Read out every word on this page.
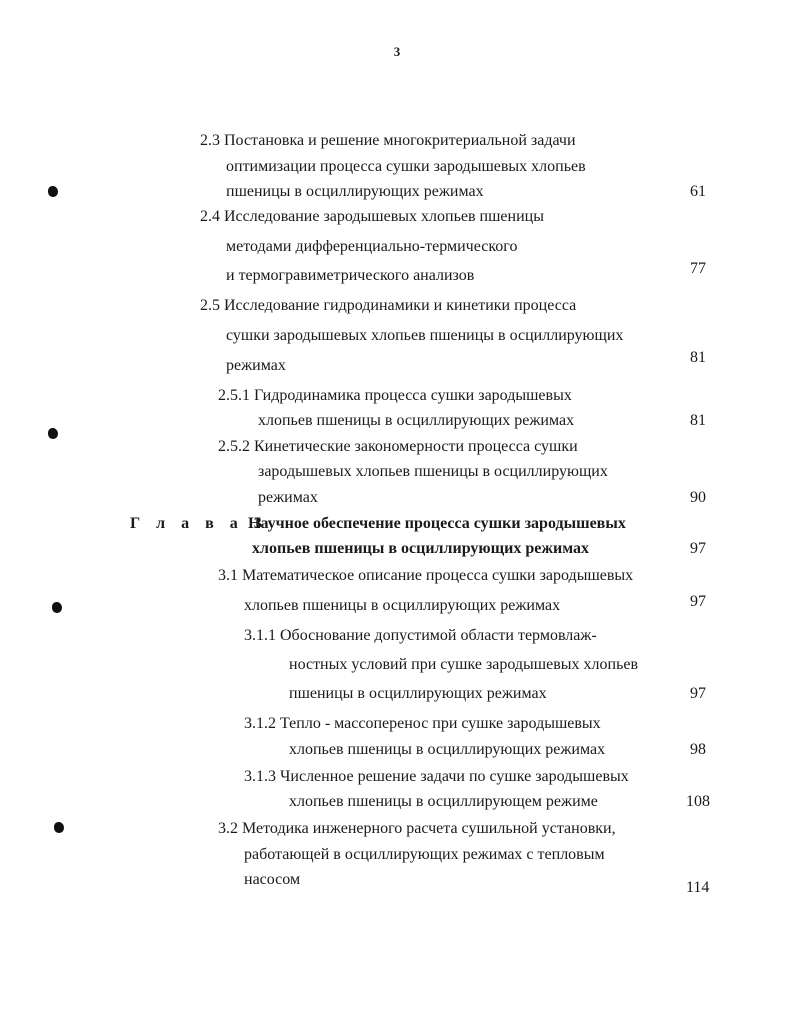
3
2.3 Постановка и решение многокритериальной задачи
оптимизации процесса сушки зародышевых хлопьев
пшеницы в осциллирующих режимах	61
2.4 Исследование зародышевых хлопьев пшеницы
методами дифференциально-термического
и термогравиметрического анализов	77
2.5 Исследование гидродинамики и кинетики процесса
сушки зародышевых хлопьев пшеницы в осциллирующих
режимах	81
2.5.1 Гидродинамика процесса сушки зародышевых
хлопьев пшеницы в осциллирующих режимах	81
2.5.2 Кинетические закономерности процесса сушки
зародышевых хлопьев пшеницы в осциллирующих
режимах	90
Г л а в а 3
Научное обеспечение процесса сушки зародышевых
хлопьев пшеницы в осциллирующих режимах	97
3.1 Математическое описание процесса сушки зародышевых
хлопьев пшеницы в осциллирующих режимах	97
3.1.1 Обоснование допустимой области термовлаж-
ностных условий при сушке зародышевых хлопьев
пшеницы в осциллирующих режимах	97
3.1.2 Тепло - массоперенос при сушке зародышевых
хлопьев пшеницы в осциллирующих режимах	98
3.1.3 Численное решение задачи по сушке зародышевых
хлопьев пшеницы в осциллирующем режиме	108
3.2 Методика инженерного расчета сушильной установки,
работающей в осциллирующих режимах с тепловым
насосом	114
